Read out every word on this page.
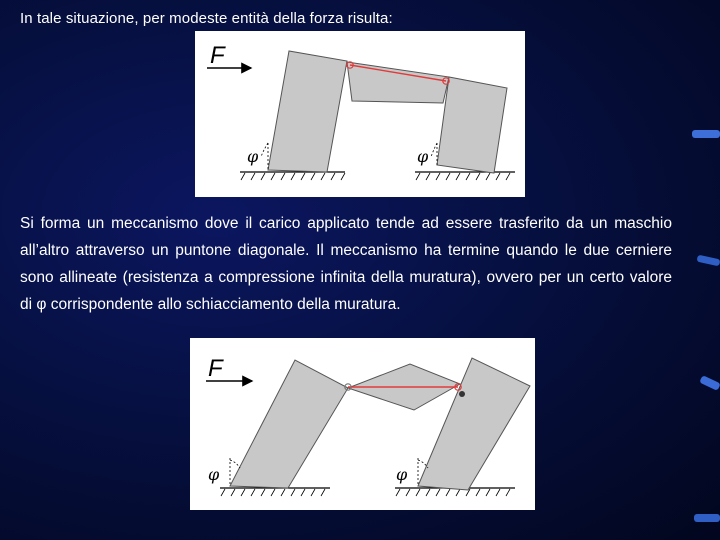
In tale situazione, per modeste entità della forza risulta:

F
φ	φ

Si forma un meccanismo dove il carico applicato tende ad essere trasferito da un maschio all’altro attraverso un puntone diagonale. Il meccanismo ha termine quando le due cerniere sono allineate (resistenza a compressione infinita della muratura), ovvero per un certo valore di φ corrispondente allo schiacciamento della muratura.

F
φ	φ
